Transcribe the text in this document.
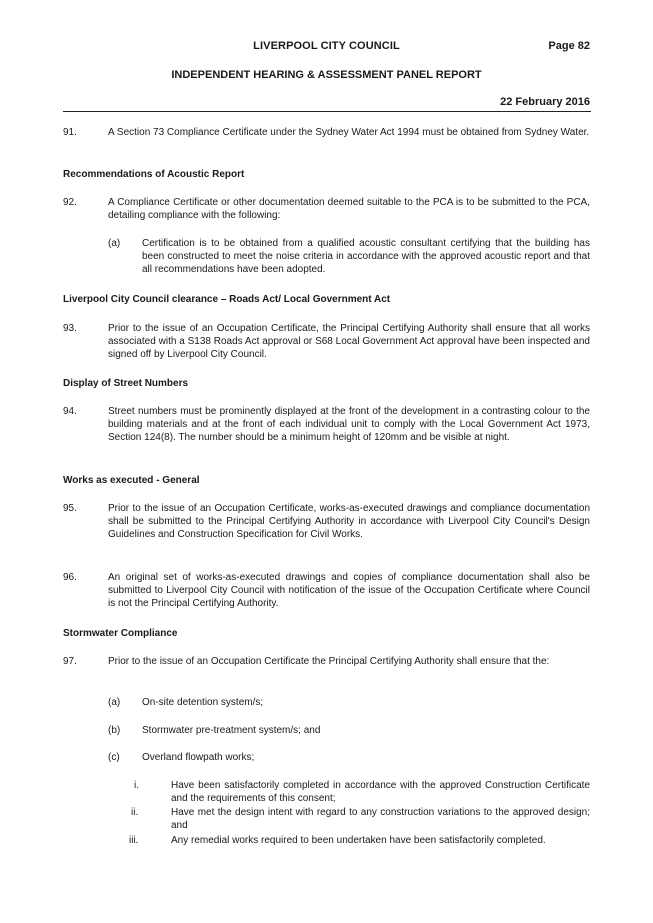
LIVERPOOL CITY COUNCIL	Page 82
INDEPENDENT HEARING & ASSESSMENT PANEL REPORT
22 February 2016
91.	A Section 73 Compliance Certificate under the Sydney Water Act 1994 must be obtained from Sydney Water.
Recommendations of Acoustic Report
92.	A Compliance Certificate or other documentation deemed suitable to the PCA is to be submitted to the PCA, detailing compliance with the following:
(a) Certification is to be obtained from a qualified acoustic consultant certifying that the building has been constructed to meet the noise criteria in accordance with the approved acoustic report and that all recommendations have been adopted.
Liverpool City Council clearance – Roads Act/ Local Government Act
93.	Prior to the issue of an Occupation Certificate, the Principal Certifying Authority shall ensure that all works associated with a S138 Roads Act approval or S68 Local Government Act approval have been inspected and signed off by Liverpool City Council.
Display of Street Numbers
94.	Street numbers must be prominently displayed at the front of the development in a contrasting colour to the building materials and at the front of each individual unit to comply with the Local Government Act 1973, Section 124(8). The number should be a minimum height of 120mm and be visible at night.
Works as executed - General
95.	Prior to the issue of an Occupation Certificate, works-as-executed drawings and compliance documentation shall be submitted to the Principal Certifying Authority in accordance with Liverpool City Council's Design Guidelines and Construction Specification for Civil Works.
96.	An original set of works-as-executed drawings and copies of compliance documentation shall also be submitted to Liverpool City Council with notification of the issue of the Occupation Certificate where Council is not the Principal Certifying Authority.
Stormwater Compliance
97.	Prior to the issue of an Occupation Certificate the Principal Certifying Authority shall ensure that the:
(a) On-site detention system/s;
(b) Stormwater pre-treatment system/s; and
(c) Overland flowpath works;
i.	Have been satisfactorily completed in accordance with the approved Construction Certificate and the requirements of this consent;
ii.	Have met the design intent with regard to any construction variations to the approved design; and
iii.	Any remedial works required to been undertaken have been satisfactorily completed.
